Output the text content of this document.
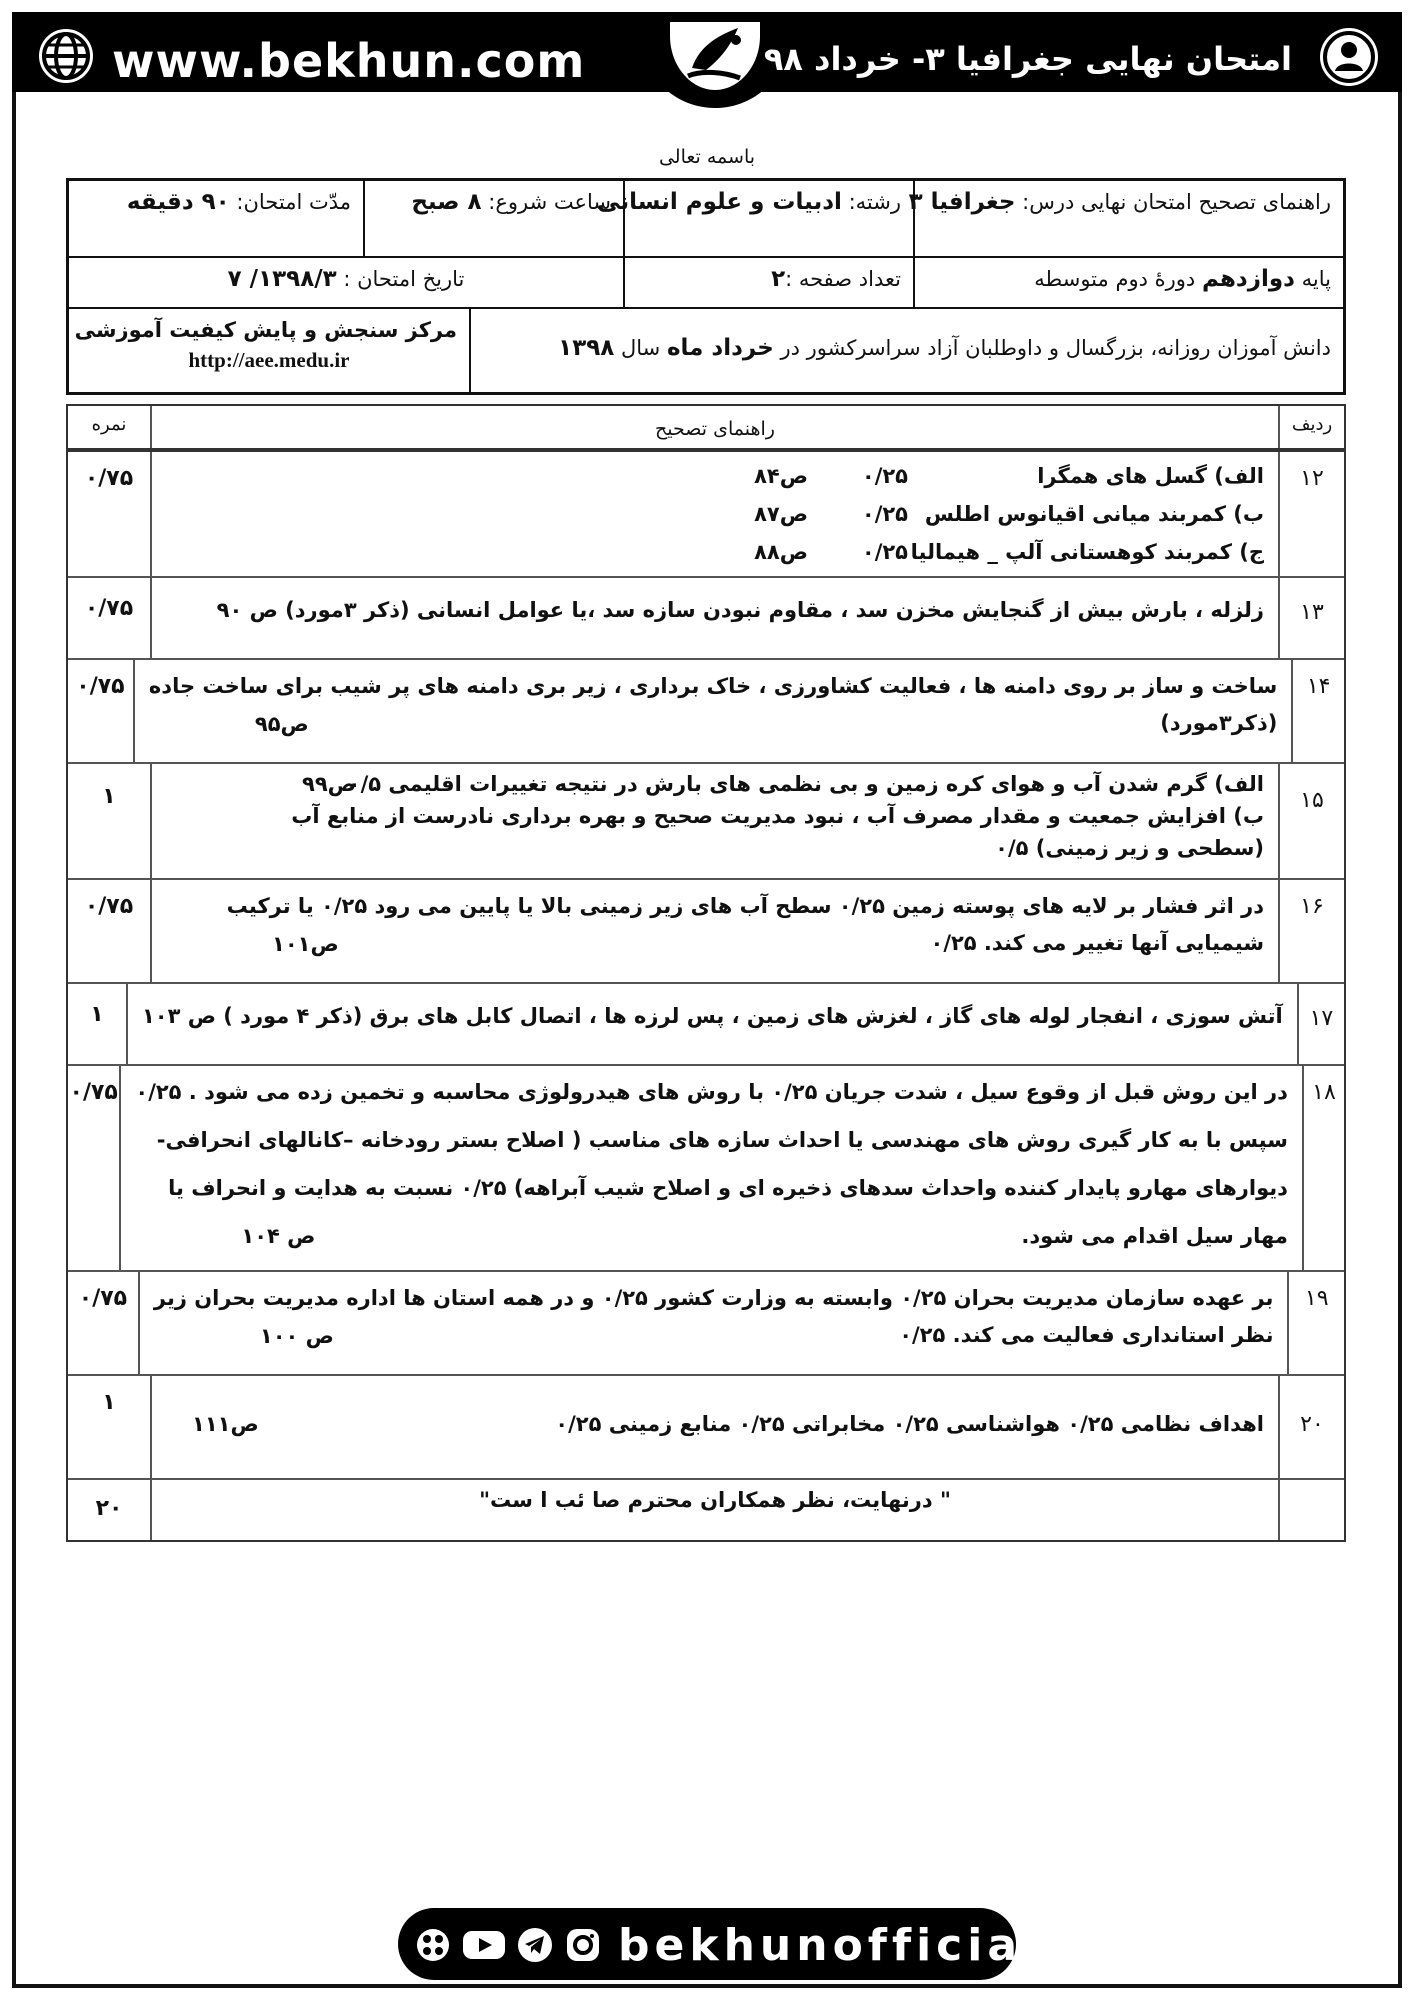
www.bekhun.com	امتحان نهایی جغرافیا ۳- خرداد ۹۸
باسمه تعالی
راهنمای تصحیح امتحان نهایی درس: جغرافیا ۳
رشته: ادبیات و علوم انسانی
ساعت شروع: ۸ صبح
مدّت امتحان: ۹۰ دقیقه
پایه دوازدهم دورهٔ دوم متوسطه
تعداد صفحه :۲
تاریخ امتحان : ۱۳۹۸/۳/ ۷
دانش آموزان روزانه، بزرگسال و داوطلبان آزاد سراسرکشور در خرداد ماه سال ۱۳۹۸
مرکز سنجش و پایش کیفیت آموزشی
http://aee.medu.ir
ردیف
راهنمای تصحیح
نمره
۱۲
الف) گسل های همگرا
۰/۲۵
ص۸۴
ب) کمربند میانی اقیانوس اطلس
۰/۲۵
ص۸۷
ج) کمربند کوهستانی آلپ _ هیمالیا
۰/۲۵
ص۸۸
۰/۷۵
۱۳
زلزله ، بارش بیش از گنجایش مخزن سد ، مقاوم نبودن سازه سد ،یا عوامل انسانی (ذکر ۳مورد) ص ۹۰
۰/۷۵
۱۴
ساخت و ساز بر روی دامنه ها ، فعالیت کشاورزی ، خاک برداری ، زیر بری دامنه های پر شیب برای ساخت جاده
(ذکر۳مورد)
ص۹۵
۰/۷۵
۱۵
الف) گرم شدن آب و هوای کره زمین و بی نظمی های بارش در نتیجه تغییرات اقلیمی ۰/۵
ص۹۹
ب) افزایش جمعیت و مقدار مصرف آب ، نبود مدیریت صحیح و بهره برداری نادرست از منابع آب
(سطحی و زیر زمینی) ۰/۵
۱
۱۶
در اثر فشار بر لایه های پوسته زمین ۰/۲۵ سطح آب های زیر زمینی بالا یا پایین می رود ۰/۲۵ یا ترکیب
شیمیایی آنها تغییر می کند. ۰/۲۵
ص۱۰۱
۰/۷۵
۱۷
آتش سوزی ، انفجار لوله های گاز ، لغزش های زمین ، پس لرزه ها ، اتصال کابل های برق (ذکر ۴ مورد ) ص ۱۰۳
۱
۱۸
در این روش قبل از وقوع سیل ، شدت جریان ۰/۲۵ با روش های هیدرولوژی محاسبه و تخمین زده می شود . ۰/۲۵
سپس با به کار گیری روش های مهندسی یا احداث سازه های مناسب ( اصلاح بستر رودخانه –کانالهای انحرافی-
دیوارهای مهارو پایدار کننده واحداث سدهای ذخیره ای و اصلاح شیب آبراهه) ۰/۲۵ نسبت به هدایت و انحراف یا
مهار سیل اقدام می شود.
ص ۱۰۴
۰/۷۵
۱۹
بر عهده سازمان مدیریت بحران ۰/۲۵ وابسته به وزارت کشور ۰/۲۵ و در همه استان ها اداره مدیریت بحران زیر
نظر استانداری فعالیت می کند. ۰/۲۵
ص ۱۰۰
۰/۷۵
۲۰
اهداف نظامی ۰/۲۵ هواشناسی ۰/۲۵ مخابراتی ۰/۲۵ منابع زمینی ۰/۲۵
ص۱۱۱
۱
" درنهایت، نظر همکاران محترم صا ئب ا ست"
۲۰
bekhunofficial
